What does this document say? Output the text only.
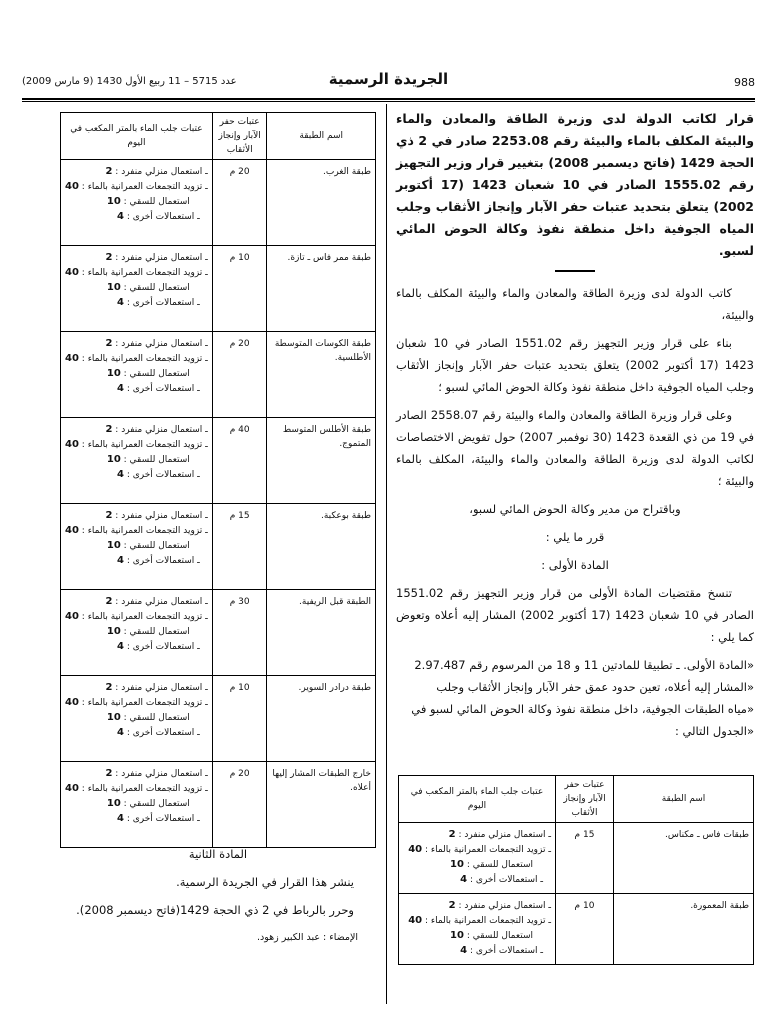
988
الجريدة الرسمية
عدد 5715 – 11 ربيع الأول 1430 (9 مارس 2009)

قرار لكاتب الدولة لدى وزيرة الطاقة والمعادن والماء والبيئة المكلف بالماء والبيئة رقم 2253.08 صادر في 2 ذي الحجة 1429 (فاتح ديسمبر 2008) بتغيير قرار وزير التجهيز رقم 1555.02 الصادر في 10 شعبان 1423 (17 أكتوبر 2002) يتعلق بتحديد عتبات حفر الآبار وإنجاز الأثقاب وجلب المياه الجوفية داخل منطقة نفوذ وكالة الحوض المائي لسبو.

كاتب الدولة لدى وزيرة الطاقة والمعادن والماء والبيئة المكلف بالماء والبيئة،

بناء على قرار وزير التجهيز رقم 1551.02 الصادر في 10 شعبان 1423 (17 أكتوبر 2002) يتعلق بتحديد عتبات حفر الآبار وإنجاز الأثقاب وجلب المياه الجوفية داخل منطقة نفوذ وكالة الحوض المائي لسبو ؛

وعلى قرار وزيرة الطاقة والمعادن والماء والبيئة رقم 2558.07 الصادر في 19 من ذي القعدة 1423 (30 نوفمبر 2007) حول تفويض الاختصاصات لكاتب الدولة لدى وزيرة الطاقة والمعادن والماء والبيئة، المكلف بالماء والبيئة ؛

وباقتراح من مدير وكالة الحوض المائي لسبو،

قرر ما يلي :

المادة الأولى :

تنسخ مقتضيات المادة الأولى من قرار وزير التجهيز رقم 1551.02 الصادر في 10 شعبان 1423 (17 أكتوبر 2002) المشار إليه أعلاه وتعوض كما يلي :

«المادة الأولى. ـ تطبيقا للمادتين 11 و 18 من المرسوم رقم 2.97.487

«المشار إليه أعلاه، تعين حدود عمق حفر الآبار وإنجاز الأثقاب وجلب

«مياه الطبقات الجوفية، داخل منطقة نفوذ وكالة الحوض المائي لسبو في

«الجدول التالي :

اسم الطبقة	عتبات حفر الآبار وإنجاز الأثقاب	عتبات جلب الماء بالمتر المكعب في اليوم
طبقات فاس ـ مكناس.	15 م	ـ استعمال منزلي منفرد : 2
ـ تزويد التجمعات العمرانية بالماء : 40
استعمال للسقي : 10
ـ استعمالات أخرى : 4

طبقة المعمورة.	10 م	ـ استعمال منزلي منفرد : 2
ـ تزويد التجمعات العمرانية بالماء : 40
استعمال للسقي : 10
ـ استعمالات أخرى : 4
اسم الطبقة	عتبات حفر الآبار وإنجاز الأثقاب	عتبات جلب الماء بالمتر المكعب في اليوم
طبقة الغرب.	20 م	ـ استعمال منزلي منفرد : 2
ـ تزويد التجمعات العمرانية بالماء : 40
استعمال للسقي : 10
ـ استعمالات أخرى : 4

طبقة ممر فاس ـ تازة.	10 م	ـ استعمال منزلي منفرد : 2
ـ تزويد التجمعات العمرانية بالماء : 40
استعمال للسقي : 10
ـ استعمالات أخرى : 4

طبقة الكوسات المتوسطة الأطلسية.	20 م	ـ استعمال منزلي منفرد : 2
ـ تزويد التجمعات العمرانية بالماء : 40
استعمال للسقي : 10
ـ استعمالات أخرى : 4

طبقة الأطلس المتوسط المتموج.	40 م	ـ استعمال منزلي منفرد : 2
ـ تزويد التجمعات العمرانية بالماء : 40
استعمال للسقي : 10
ـ استعمالات أخرى : 4

طبقة بوعكبة.	15 م	ـ استعمال منزلي منفرد : 2
ـ تزويد التجمعات العمرانية بالماء : 40
استعمال للسقي : 10
ـ استعمالات أخرى : 4

الطبقة قبل الريفية.	30 م	ـ استعمال منزلي منفرد : 2
ـ تزويد التجمعات العمرانية بالماء : 40
استعمال للسقي : 10
ـ استعمالات أخرى : 4

طبقة درادر السوير.	10 م	ـ استعمال منزلي منفرد : 2
ـ تزويد التجمعات العمرانية بالماء : 40
استعمال للسقي : 10
ـ استعمالات أخرى : 4

خارج الطبقات المشار إليها أعلاه.	20 م	ـ استعمال منزلي منفرد : 2
ـ تزويد التجمعات العمرانية بالماء : 40
استعمال للسقي : 10
ـ استعمالات أخرى : 4

المادة الثانية

ينشر هذا القرار في الجريدة الرسمية.

وحرر بالرباط في 2 ذي الحجة 1429(فاتح ديسمبر 2008).

الإمضاء : عبد الكبير زهود.
